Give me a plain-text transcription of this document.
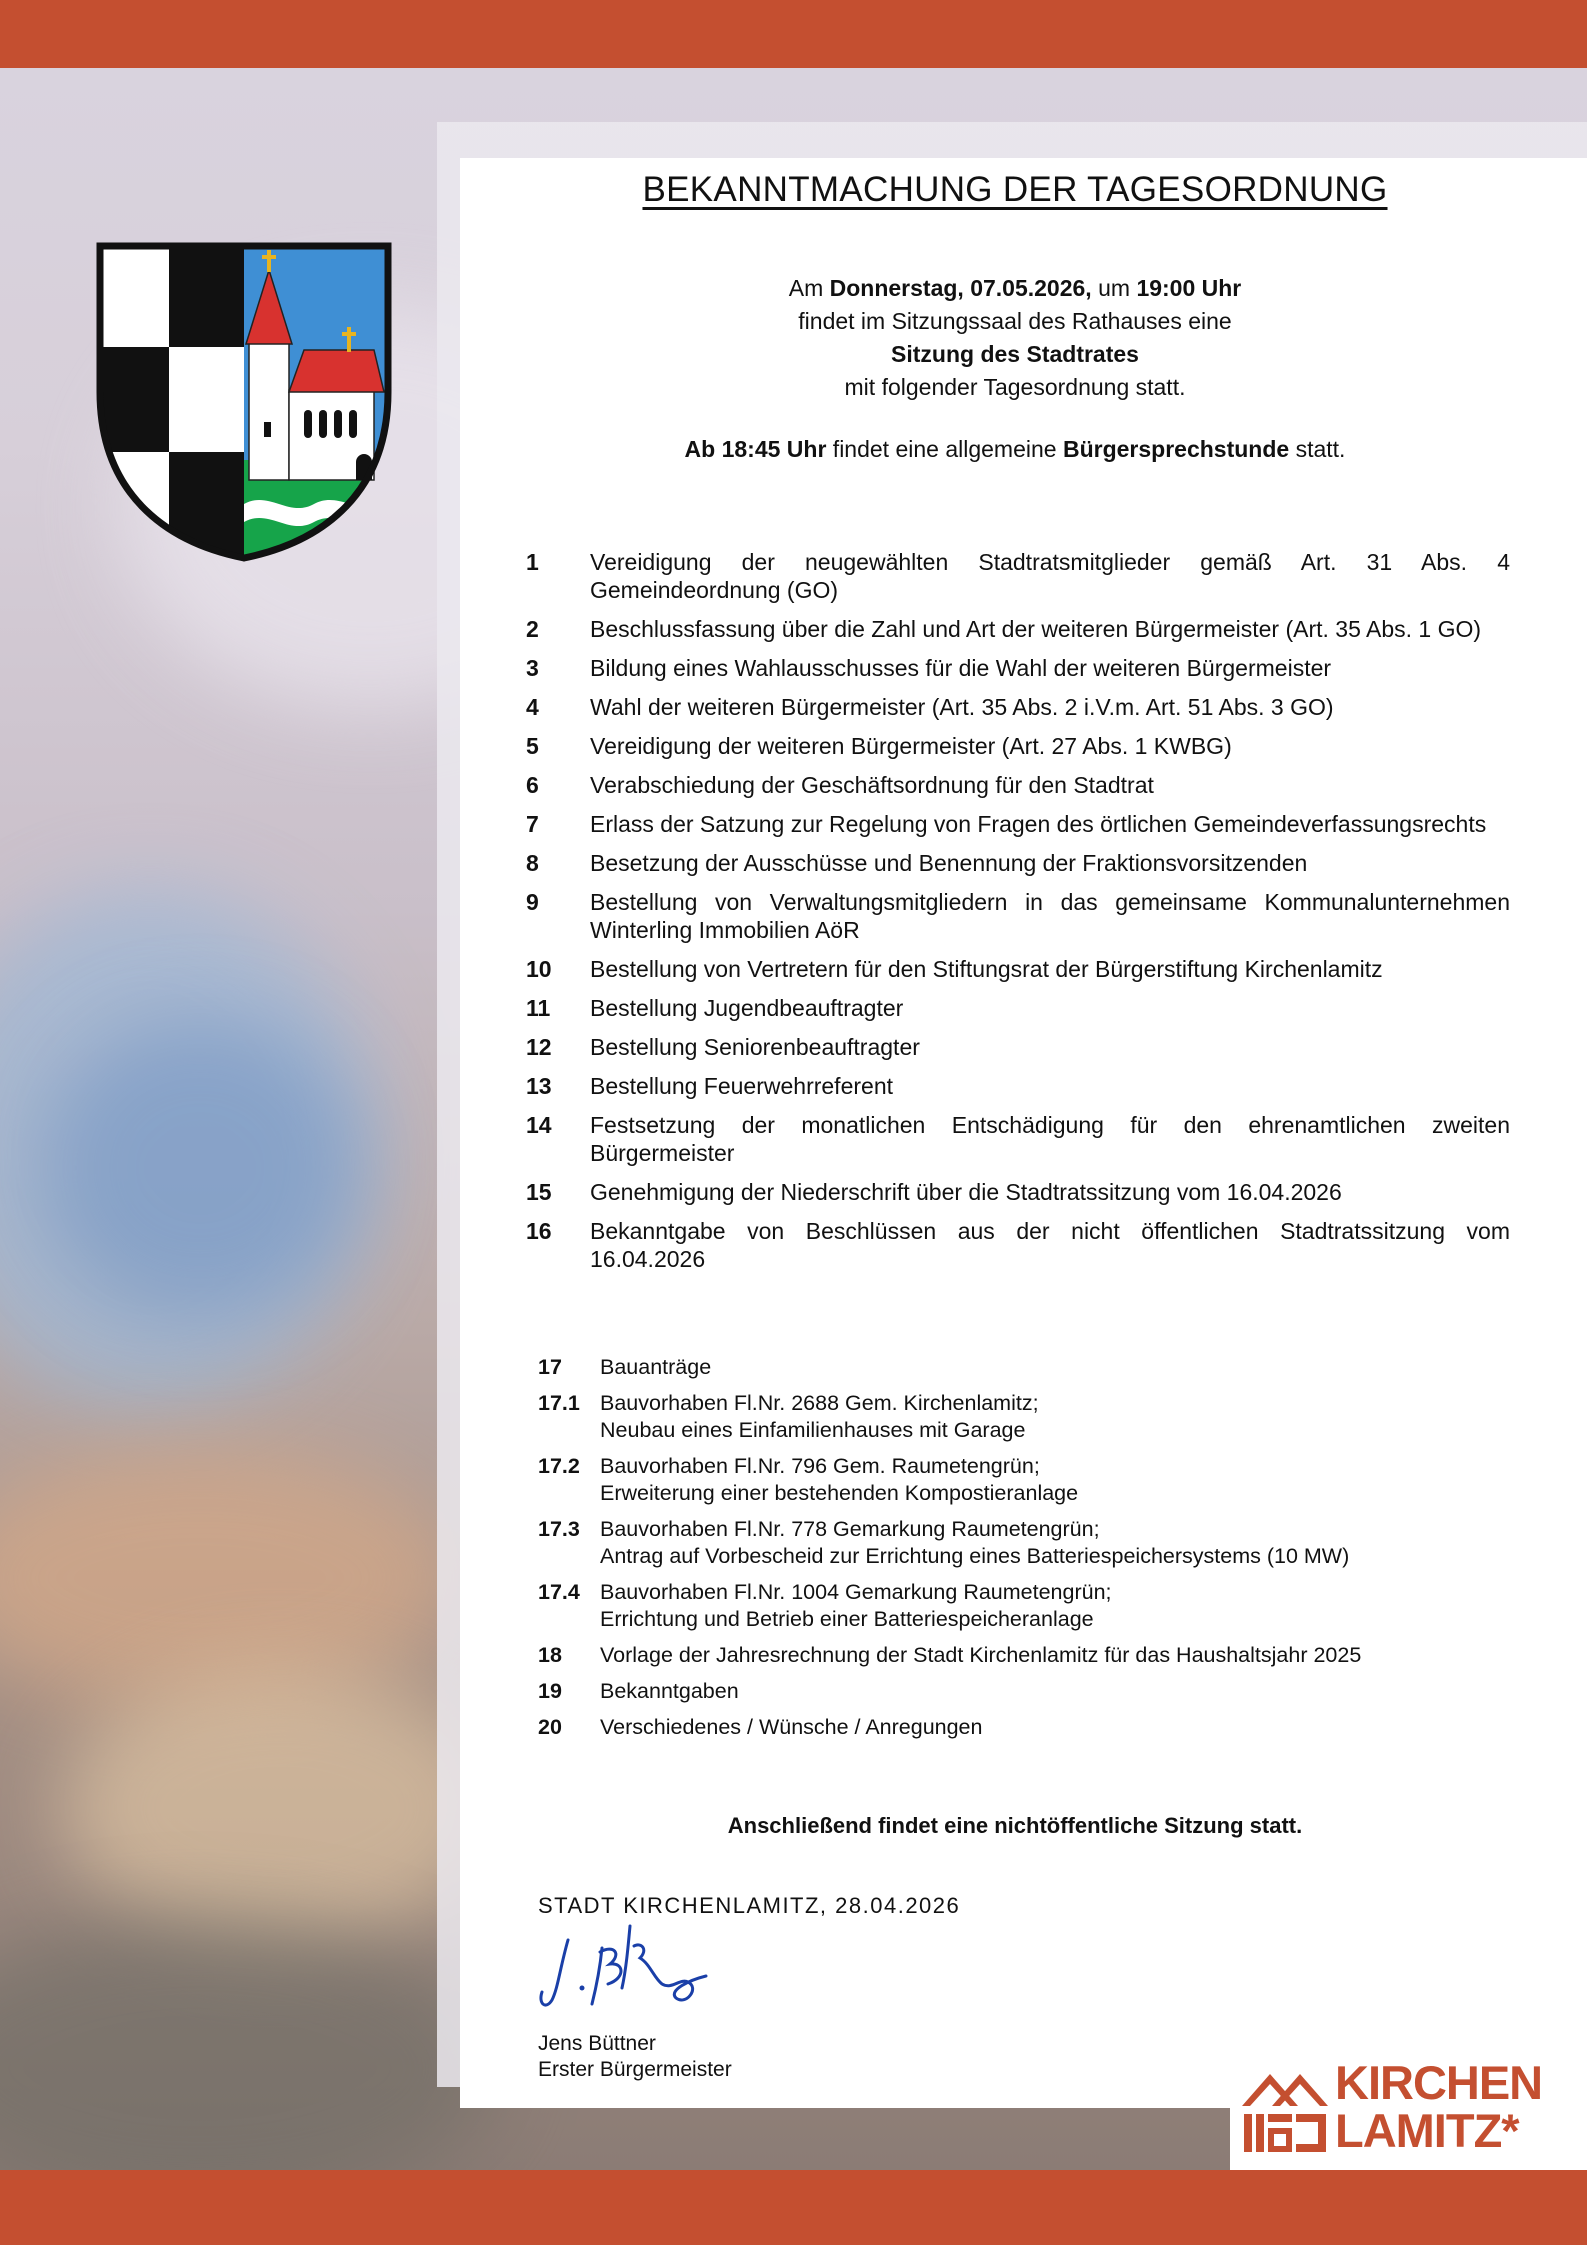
BEKANNTMACHUNG DER TAGESORDNUNG
Am Donnerstag, 07.05.2026, um 19:00 Uhr
findet im Sitzungssaal des Rathauses eine
Sitzung des Stadtrates
mit folgender Tagesordnung statt.
Ab 18:45 Uhr findet eine allgemeine Bürgersprechstunde statt.
1	Vereidigung der neugewählten Stadtratsmitglieder gemäß Art. 31 Abs. 4 Gemeindeordnung (GO)
2	Beschlussfassung über die Zahl und Art der weiteren Bürgermeister (Art. 35 Abs. 1 GO)
3	Bildung eines Wahlausschusses für die Wahl der weiteren Bürgermeister
4	Wahl der weiteren Bürgermeister (Art. 35 Abs. 2 i.V.m. Art. 51 Abs. 3 GO)
5	Vereidigung der weiteren Bürgermeister (Art. 27 Abs. 1 KWBG)
6	Verabschiedung der Geschäftsordnung für den Stadtrat
7	Erlass der Satzung zur Regelung von Fragen des örtlichen Gemeindeverfassungsrechts
8	Besetzung der Ausschüsse und Benennung der Fraktionsvorsitzenden
9	Bestellung von Verwaltungsmitgliedern in das gemeinsame Kommunalunternehmen Winterling Immobilien AöR
10	Bestellung von Vertretern für den Stiftungsrat der Bürgerstiftung Kirchenlamitz
11	Bestellung Jugendbeauftragter
12	Bestellung Seniorenbeauftragter
13	Bestellung Feuerwehrreferent
14	Festsetzung der monatlichen Entschädigung für den ehrenamtlichen zweiten Bürgermeister
15	Genehmigung der Niederschrift über die Stadtratssitzung vom 16.04.2026
16	Bekanntgabe von Beschlüssen aus der nicht öffentlichen Stadtratssitzung vom 16.04.2026
17	Bauanträge
17.1 Bauvorhaben Fl.Nr. 2688 Gem. Kirchenlamitz;
Neubau eines Einfamilienhauses mit Garage
17.2 Bauvorhaben Fl.Nr. 796 Gem. Raumetengrün;
Erweiterung einer bestehenden Kompostieranlage
17.3 Bauvorhaben Fl.Nr. 778 Gemarkung Raumetengrün;
Antrag auf Vorbescheid zur Errichtung eines Batteriespeichersystems (10 MW)
17.4 Bauvorhaben Fl.Nr. 1004 Gemarkung Raumetengrün;
Errichtung und Betrieb einer Batteriespeicheranlage
18	Vorlage der Jahresrechnung der Stadt Kirchenlamitz für das Haushaltsjahr 2025
19	Bekanntgaben
20	Verschiedenes / Wünsche / Anregungen
Anschließend findet eine nichtöffentliche Sitzung statt.
STADT KIRCHENLAMITZ, 28.04.2026
Jens Büttner
Erster Bürgermeister	KIRCHEN
LAMITZ*
